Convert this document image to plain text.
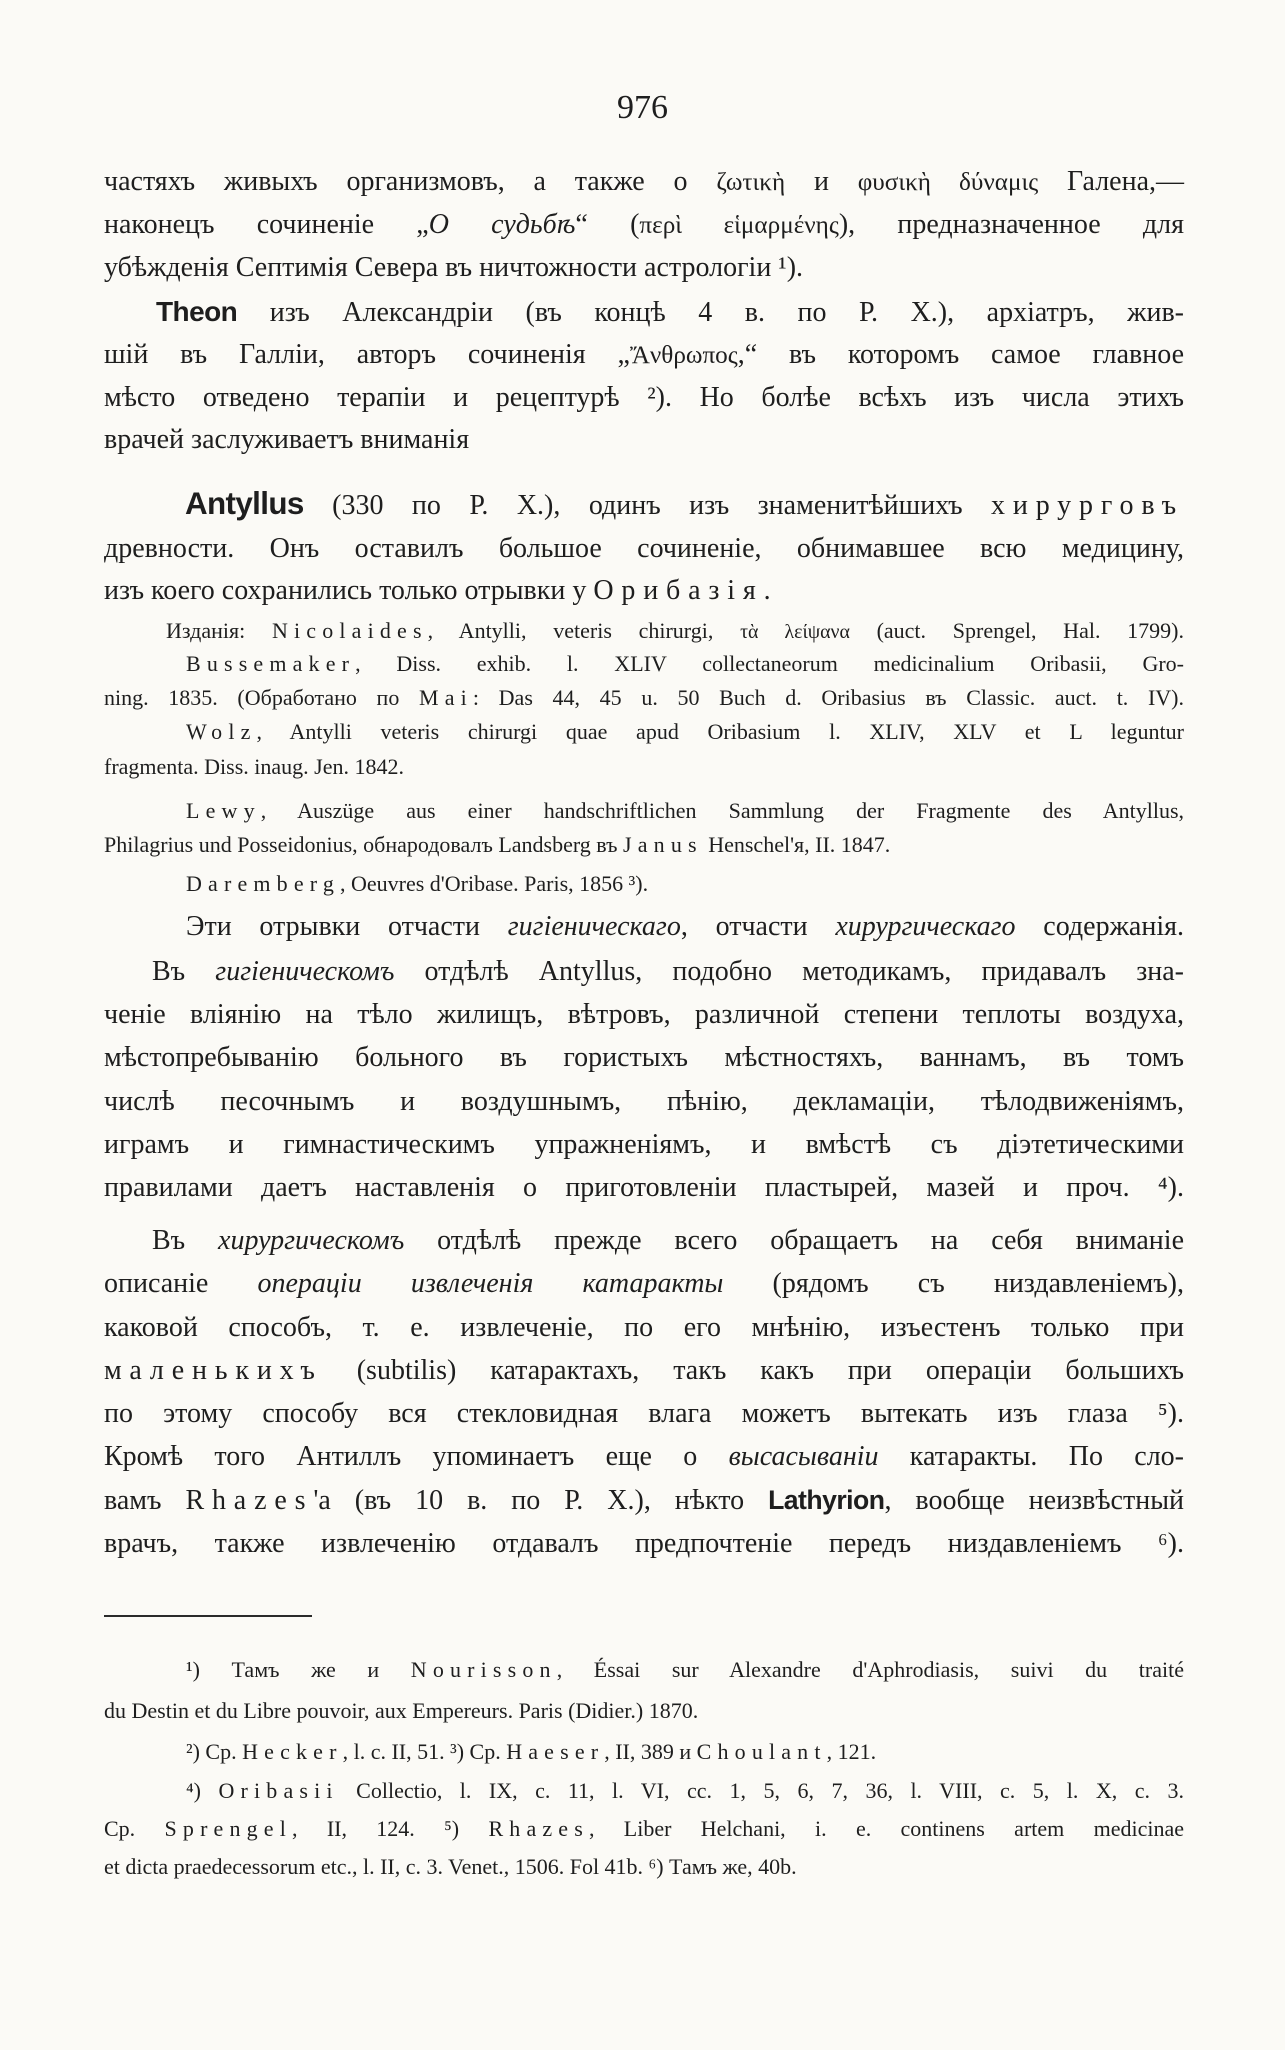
976
частяхъ живыхъ организмовъ, а также о ζωτικὴ и φυσικὴ δύναμις Галена,—
наконецъ сочиненіе „О судьбѣ“ (περὶ εἱμαρμένης), предназначенное для
убѣжденія Септимія Севера въ ничтожности астрологіи ¹).
Theon изъ Александріи (въ концѣ 4 в. по Р. Х.), архіатръ, жив-
шій въ Галліи, авторъ сочиненія „Ἄνθρωπος,“ въ которомъ самое главное
мѣсто отведено терапіи и рецептурѣ ²). Но болѣе всѣхъ изъ числа этихъ
врачей заслуживаетъ вниманія
Antyllus (330 по Р. Х.), одинъ изъ знаменитѣйшихъ хирурговъ
древности. Онъ оставилъ большое сочиненіе, обнимавшее всю медицину,
изъ коего сохранились только отрывки у Орибазія.
Изданія: Nicolaides, Antylli, veteris chirurgi, τὰ λείψανα (auct. Sprengel, Hal. 1799).
Bussemaker, Diss. exhib. l. XLIV collectaneorum medicinalium Oribasii, Gro-
ning. 1835. (Обработано по Mai: Das 44, 45 u. 50 Buch d. Oribasius въ Classic. auct. t. IV).
Wolz, Antylli veteris chirurgi quae apud Oribasium l. XLIV, XLV et L leguntur
fragmenta. Diss. inaug. Jen. 1842.
Lewy, Auszüge aus einer handschriftlichen Sammlung der Fragmente des Antyllus,
Philagrius und Posseidonius, обнародовалъ Landsberg въ Janus Henschel'я, II. 1847.
Daremberg, Oeuvres d'Oribase. Paris, 1856 ³).
Эти отрывки отчасти гигіеническаго, отчасти хирургическаго содержанія.
Въ гигіеническомъ отдѣлѣ Antyllus, подобно методикамъ, придавалъ зна-
ченіе вліянію на тѣло жилищъ, вѣтровъ, различной степени теплоты воздуха,
мѣстопребыванію больного въ гористыхъ мѣстностяхъ, ваннамъ, въ томъ
числѣ песочнымъ и воздушнымъ, пѣнію, декламаціи, тѣлодвиженіямъ,
играмъ и гимнастическимъ упражненіямъ, и вмѣстѣ съ діэтетическими
правилами даетъ наставленія о приготовленіи пластырей, мазей и проч. ⁴).
Въ хирургическомъ отдѣлѣ прежде всего обращаетъ на себя вниманіе
описаніе операціи извлеченія катаракты (рядомъ съ низдавленіемъ),
каковой способъ, т. е. извлеченіе, по его мнѣнію, изъестенъ только при
маленькихъ (subtilis) катарактахъ, такъ какъ при операціи большихъ
по этому способу вся стекловидная влага можетъ вытекать изъ глаза ⁵).
Кромѣ того Антиллъ упоминаетъ еще о высасываніи катаракты. По сло-
вамъ Rhazes'а (въ 10 в. по Р. Х.), нѣкто Lathyrion, вообще неизвѣстный
врачъ, также извлеченію отдавалъ предпочтеніе передъ низдавленіемъ ⁶).
¹) Тамъ же и Nourisson, Éssai sur Alexandre d'Aphrodiasis, suivi du traité
du Destin et du Libre pouvoir, aux Empereurs. Paris (Didier.) 1870.
²) Ср. Hecker, l. c. II, 51. ³) Ср. Haeser, II, 389 и Choulant, 121.
⁴) Oribasii Collectio, l. IX, c. 11, l. VI, cc. 1, 5, 6, 7, 36, l. VIII, c. 5, l. X, c. 3.
Ср. Sprengel, II, 124. ⁵) Rhazes, Liber Helchani, i. e. continens artem medicinae
et dicta praedecessorum etc., l. II, c. 3. Venet., 1506. Fol 41b. ⁶) Тамъ же, 40b.
